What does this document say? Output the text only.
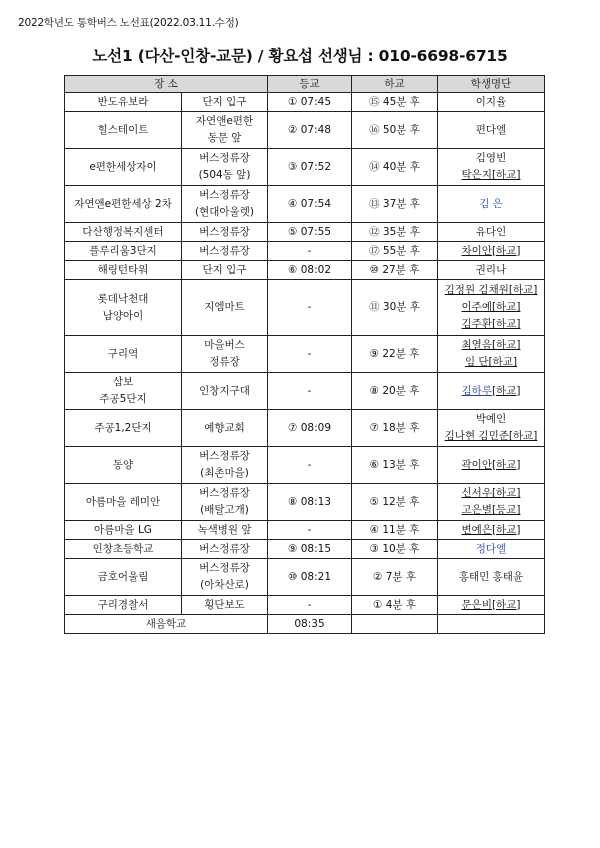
2022학년도 통학버스 노선표(2022.03.11.수정)
노선1 (다산-인창-교문) / 황요섭 선생님 : 010-6698-6715
장 소		등교	하교	학생명단

반도유보라	단지 입구	① 07:45	⑮ 45분 후	이지율

힐스테이트	자연앤e편한
동문 앞	② 07:48	⑯ 50분 후	편다엘

e편한세상자이	버스정류장
(504동 앞)	③ 07:52	⑭ 40분 후	김영빈
탁은지[하교]

자연앤e편한세상 2차	버스정류장
(현대아울렛)	④ 07:54	⑬ 37분 후	김 은

다산행정복지센터	버스정류장	⑤ 07:55	⑫ 35분 후	유다인

플루리움3단지	버스정류장	-	⑰ 55분 후	차이안[하교]

해링턴타워	단지 입구	⑥ 08:02	⑩ 27분 후	권리나

롯데낙천대
남양아이	지엠마트	-	⑪ 30분 후	김정원 김채원[하교]
이주예[하교]
김주환[하교]

구리역	마을버스
정류장	-	⑨ 22분 후	최열음[하교]
임 단[하교]

삼보
주공5단지	인창지구대	-	⑧ 20분 후	김하루[하교]

주공1,2단지	예향교회	⑦ 08:09	⑦ 18분 후	박예인
김나현 김민준[하교]

동양	버스정류장
(최촌마을)	-	⑥ 13분 후	곽이안[하교]

아름마을 레미안	버스정류장
(배탈고개)	⑧ 08:13	⑤ 12분 후	신서우[하교]
고은별[등교]

아름마을 LG	녹색병원 앞	-	④ 11분 후	변예은[하교]

인창초등학교	버스정류장	⑨ 08:15	③ 10분 후	정다엘

금호어울림	버스정류장
(아차산로)	⑩ 08:21	② 7분 후	홍태민 홍태윤

구리경찰서	횡단보도	-	① 4분 후	문은비[하교]

새음학교		08:35		
